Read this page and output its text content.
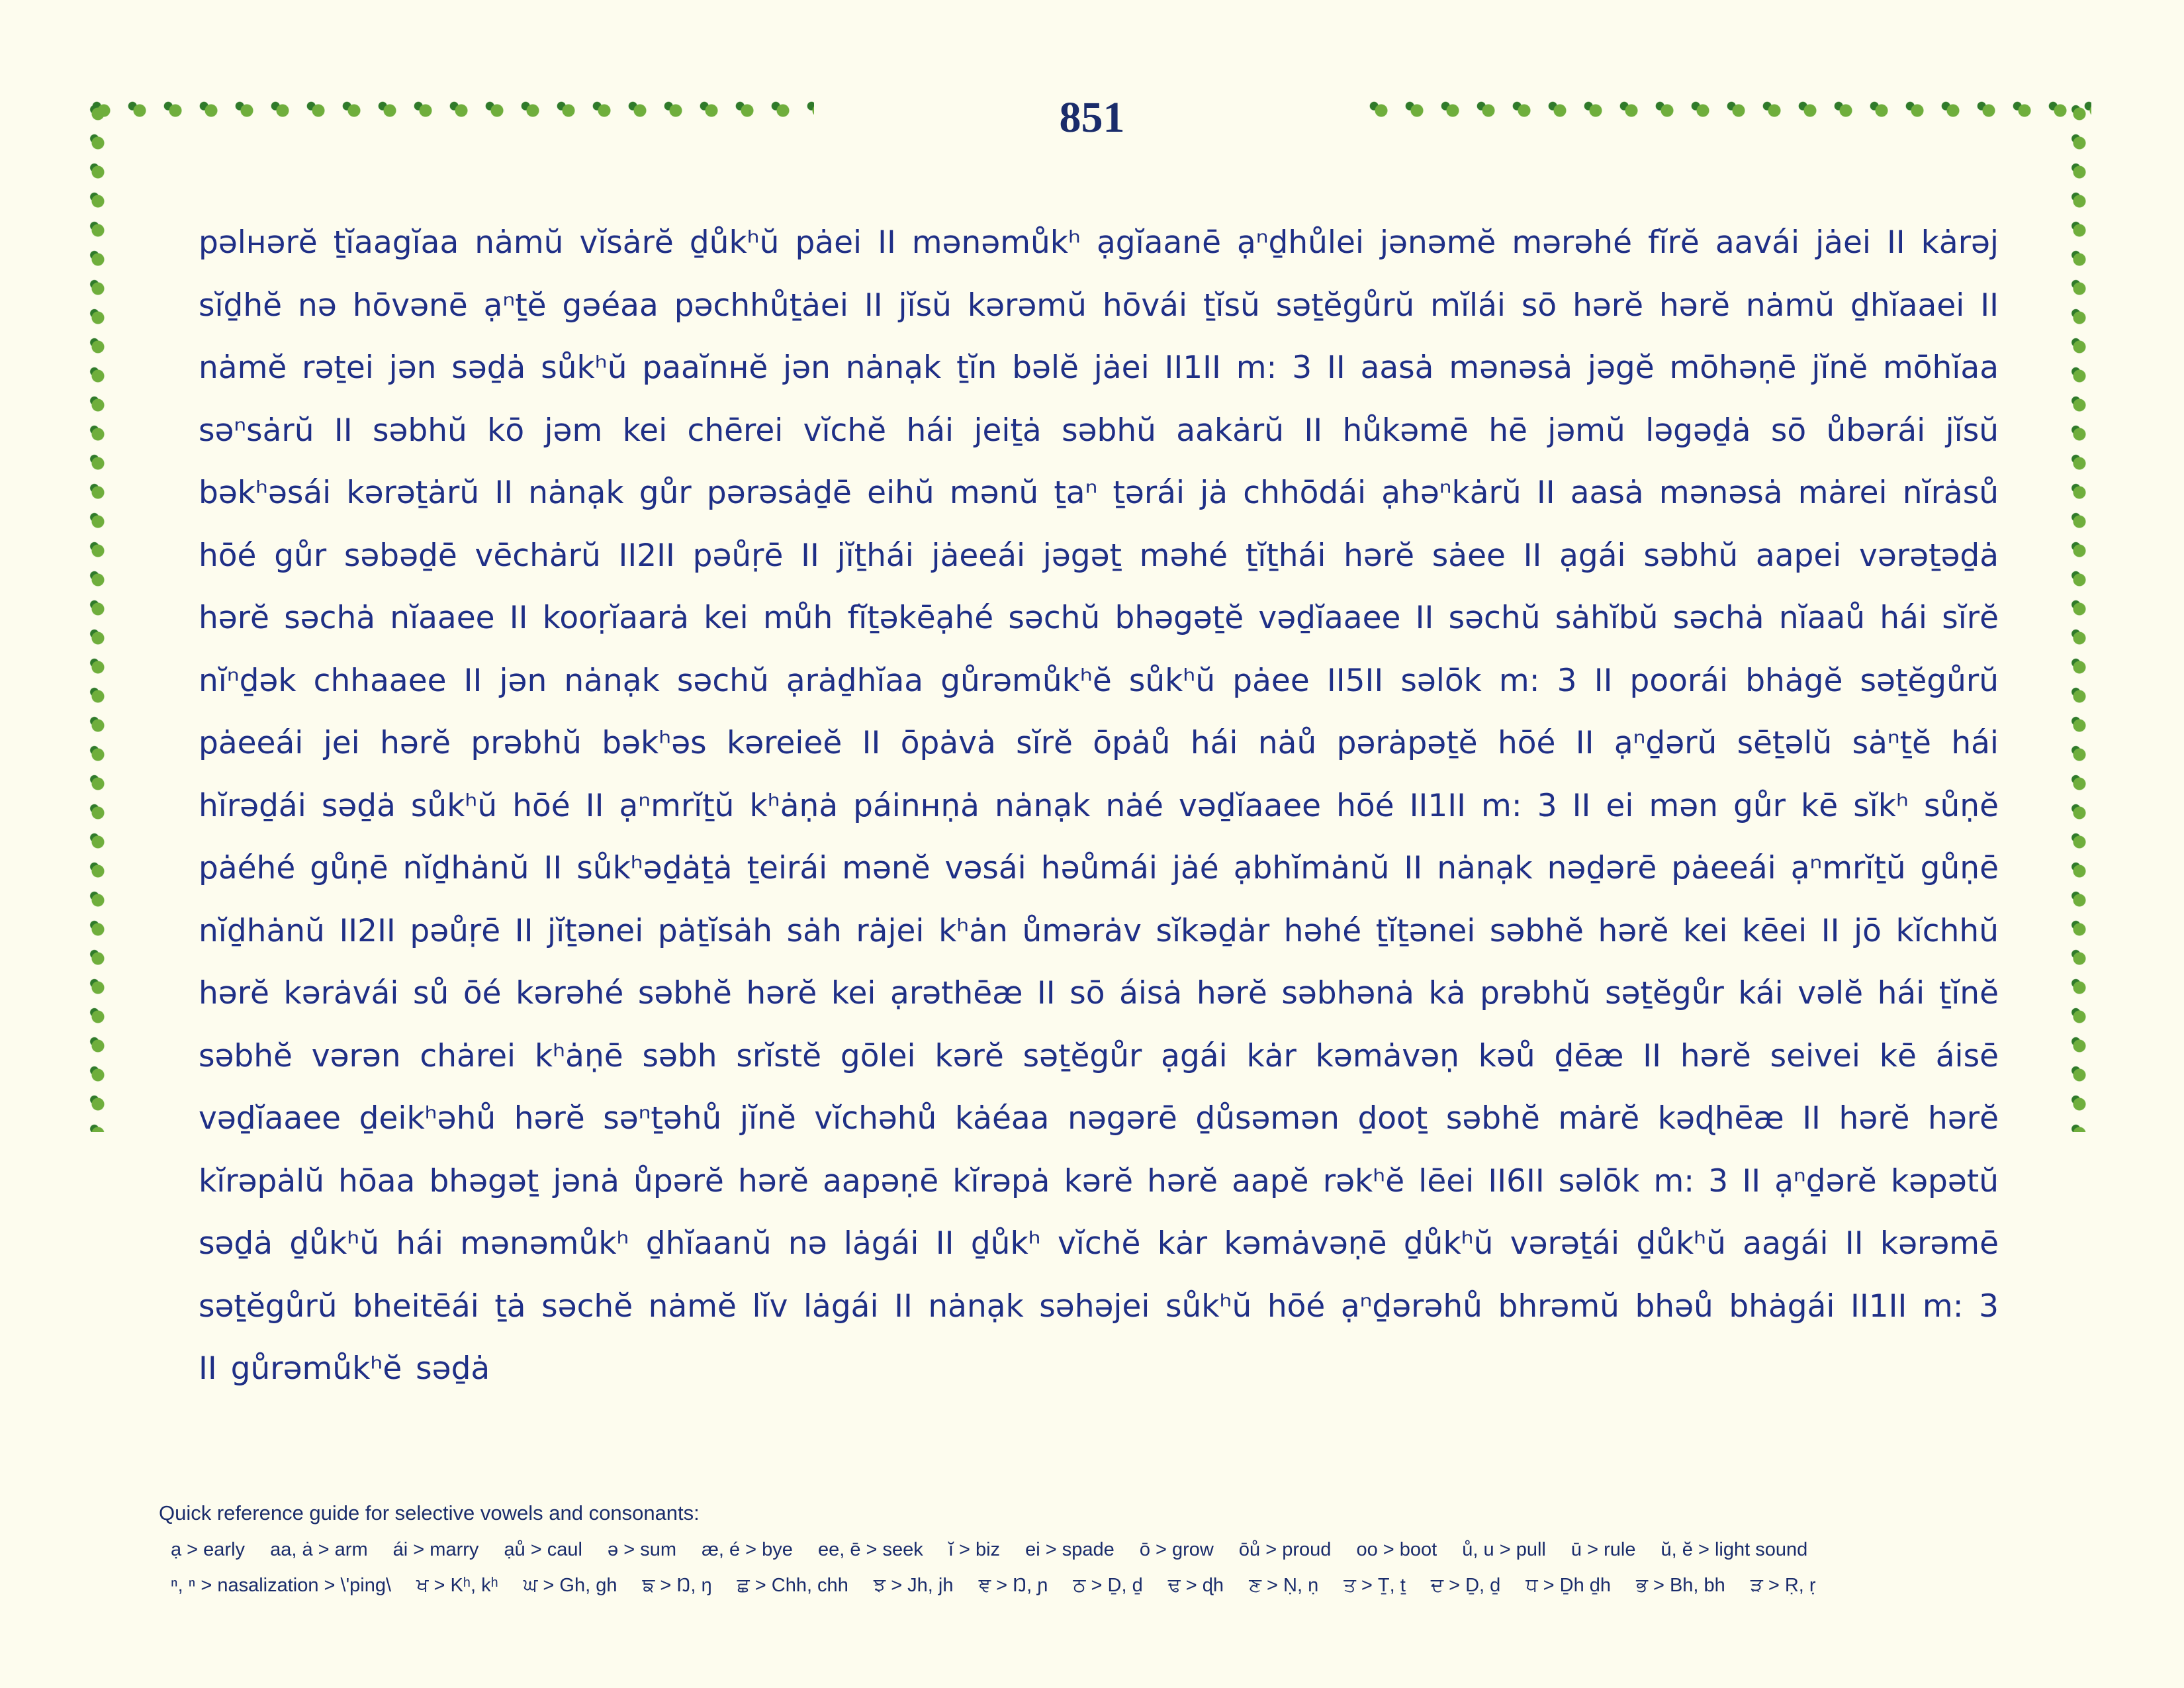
851

pəlʜərĕ ṯĭaagĭaa nȧmŭ vĭsȧrĕ ḏůkʰŭ pȧei II mənəmůkʰ ạgĭaanē ạⁿḏhůlei jənəmĕ mərəhé fĭrĕ aavái jȧei II kȧrəj sĭḏhĕ nə hōvənē ạⁿṯĕ gəéaa pəchhůṯȧei II jĭsŭ kərəmŭ hōvái ṯĭsŭ səṯĕgůrŭ mĭlái sō hərĕ hərĕ nȧmŭ ḏhĭaaei II nȧmĕ rəṯei jən səḏȧ sůkʰŭ paaĭnʜĕ jən nȧnạk ṯĭn bəlĕ jȧei II1II m: 3 II aasȧ mənəsȧ jəgĕ mōhəṇē jĭnĕ mōhĭaa səⁿsȧrŭ II səbhŭ kō jəm kei chērei vĭchĕ hái jeiṯȧ səbhŭ aakȧrŭ II hůkəmē hē jəmŭ ləgəḏȧ sō ůbərái jĭsŭ bəkʰəsái kərəṯȧrŭ II nȧnạk gůr pərəsȧḏē eihŭ mənŭ ṯaⁿ ṯərái jȧ chhōdái ạhəⁿkȧrŭ II aasȧ mənəsȧ mȧrei nĭrȧsů hōé gůr səbəḏē vēchȧrŭ II2II pəůṛē II jĭṯhái jȧeeái jəgəṯ məhé ṯĭṯhái hərĕ sȧee II ạgái səbhŭ aapei vərəṯəḏȧ hərĕ səchȧ nĭaaee II kooṛĭaarȧ kei můh fĭṯəkēạhé səchŭ bhəgəṯĕ vəḏĭaaee II səchŭ sȧhĭbŭ səchȧ nĭaaů hái sĭrĕ nĭⁿḏək chhaaee II jən nȧnạk səchŭ ạrȧḏhĭaa gůrəmůkʰĕ sůkʰŭ pȧee II5II səlōk m: 3 II poorái bhȧgĕ səṯĕgůrŭ pȧeeái jei hərĕ prəbhŭ bəkʰəs kəreieĕ II ōpȧvȧ sĭrĕ ōpȧů hái nȧů pərȧpəṯĕ hōé II ạⁿḏərŭ sēṯəlŭ sȧⁿṯĕ hái hĭrəḏái səḏȧ sůkʰŭ hōé II ạⁿmrĭṯŭ kʰȧṇȧ páinʜṇȧ nȧnạk nȧé vəḏĭaaee hōé II1II m: 3 II ei mən gůr kē sĭkʰ sůṇĕ pȧéhé gůṇē nĭḏhȧnŭ II sůkʰəḏȧṯȧ ṯeirái mənĕ vəsái həůmái jȧé ạbhĭmȧnŭ II nȧnạk nəḏərē pȧeeái ạⁿmrĭṯŭ gůṇē nĭḏhȧnŭ II2II pəůṛē II jĭṯənei pȧṯĭsȧh sȧh rȧjei kʰȧn ůmərȧv sĭkəḏȧr həhé ṯĭṯənei səbhĕ hərĕ kei kēei II jō kĭchhŭ hərĕ kərȧvái sů ōé kərəhé səbhĕ hərĕ kei ạrəthēæ II sō áisȧ hərĕ səbhənȧ kȧ prəbhŭ səṯĕgůr kái vəlĕ hái ṯĭnĕ səbhĕ vərən chȧrei kʰȧṇē səbh srĭstĕ gōlei kərĕ səṯĕgůr ạgái kȧr kəmȧvəṇ kəů ḏēæ II hərĕ seivei kē áisē vəḏĭaaee ḏeikʰəhů hərĕ səⁿṯəhů jĭnĕ vĭchəhů kȧéaa nəgərē ḏůsəmən ḏooṯ səbhĕ mȧrĕ kəɖhēæ II hərĕ hərĕ kĭrəpȧlŭ hōaa bhəgəṯ jənȧ ůpərĕ hərĕ aapəṇē kĭrəpȧ kərĕ hərĕ aapĕ rəkʰĕ lēei II6II səlōk m: 3 II ạⁿḏərĕ kəpətŭ səḏȧ ḏůkʰŭ hái mənəmůkʰ ḏhĭaanŭ nə lȧgái II ḏůkʰ vĭchĕ kȧr kəmȧvəṇē ḏůkʰŭ vərəṯái ḏůkʰŭ aagái II kərəmē səṯĕgůrŭ bheitēái ṯȧ səchĕ nȧmĕ lĭv lȧgái II nȧnạk səhəjei sůkʰŭ hōé ạⁿḏərəhů bhrəmŭ bhəů bhȧgái II1II m: 3 II gůrəmůkʰĕ səḏȧ

Quick reference guide for selective vowels and consonants:
ạ > early aa, ȧ > arm ái > marry ạů > caul ə > sum æ, é > bye ee, ē > seek ĭ > biz ei > spade ō > grow ōů > proud oo > boot ů, u > pull ū > rule ŭ, ĕ > light sound
ⁿ, ⁿ > nasalization > \'ping\ ਖ > Kʰ, kʰ ਘ > Gh, gh ਙ > Ŋ, ŋ ਛ > Chh, chh ਝ > Jh, jh ਞ > Ŋ, ɲ ਠ > Ḏ, ḏ ਢ > ɖh ਣ > Ṇ, ṇ ਤ > Ṯ, ṯ ਦ > Ḏ, ḏ ਧ > Ḏh ḏh ਭ > Bh, bh ੜ > Ṛ, ṛ
